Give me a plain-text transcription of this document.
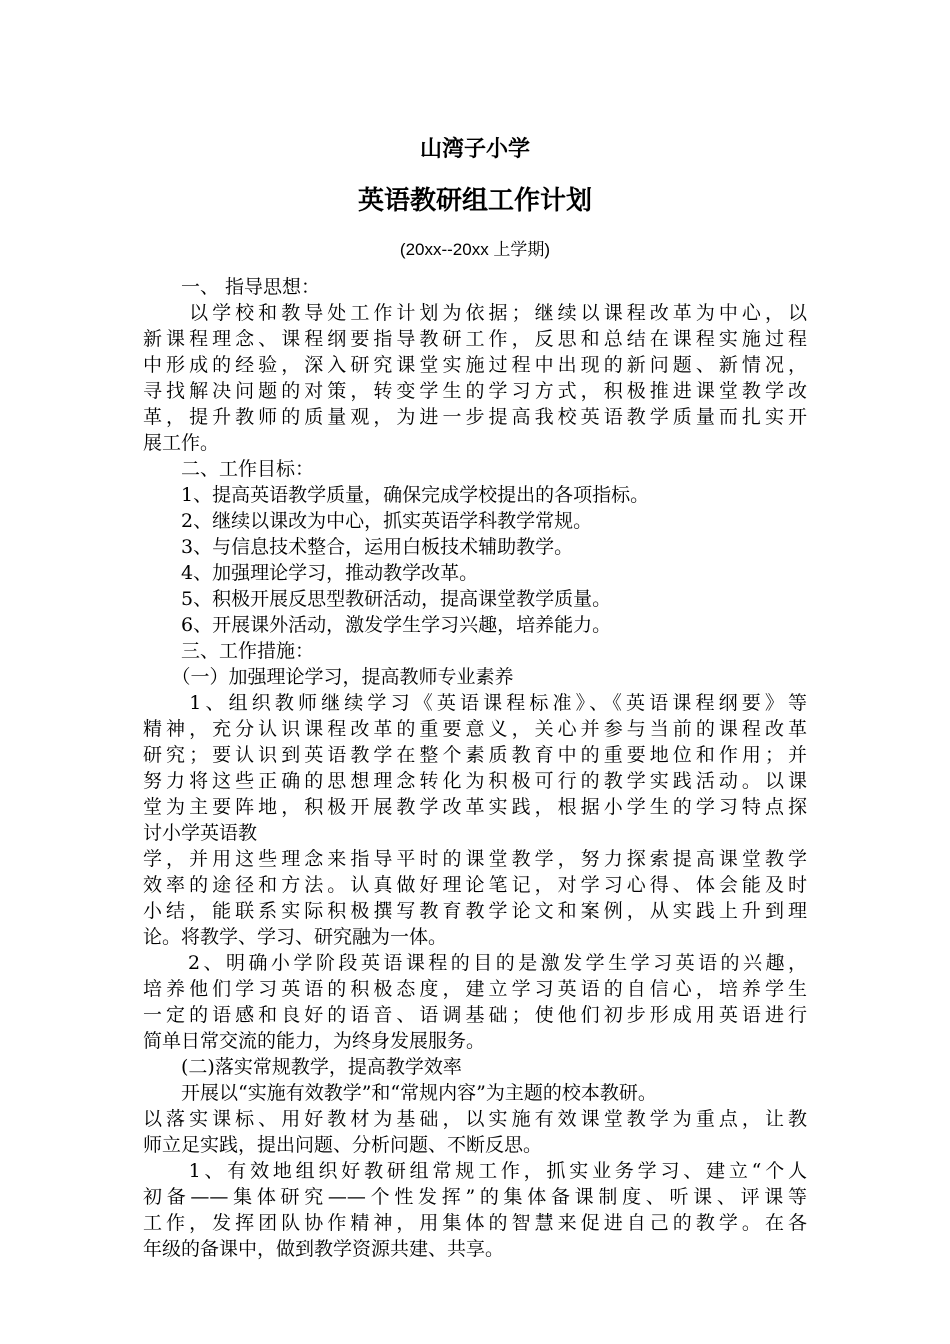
山湾子小学
英语教研组工作计划
(20xx--20xx 上学期)
　　一、 指导思想：
　　以学校和教导处工作计划为依据；继续以课程改革为中心，以
新课程理念、课程纲要指导教研工作，反思和总结在课程实施过程
中形成的经验，深入研究课堂实施过程中出现的新问题、新情况，
寻找解决问题的对策，转变学生的学习方式，积极推进课堂教学改
革，提升教师的质量观，为进一步提高我校英语教学质量而扎实开
展工作。
　　二、工作目标：
　　1、提高英语教学质量，确保完成学校提出的各项指标。
　　2、继续以课改为中心，抓实英语学科教学常规。
　　3、与信息技术整合，运用白板技术辅助教学。
　　4、加强理论学习，推动教学改革。
　　5、积极开展反思型教研活动，提高课堂教学质量。
　　6、开展课外活动，激发学生学习兴趣，培养能力。
　　三、工作措施：
　　（一）加强理论学习，提高教师专业素养
　　1、组织教师继续学习《英语课程标准》、《英语课程纲要》等
精神，充分认识课程改革的重要意义，关心并参与当前的课程改革
研究；要认识到英语教学在整个素质教育中的重要地位和作用；并
努力将这些正确的思想理念转化为积极可行的教学实践活动。以课
堂为主要阵地，积极开展教学改革实践，根据小学生的学习特点探
讨小学英语教
学，并用这些理念来指导平时的课堂教学，努力探索提高课堂教学
效率的途径和方法。认真做好理论笔记，对学习心得、体会能及时
小结，能联系实际积极撰写教育教学论文和案例，从实践上升到理
论。将教学、学习、研究融为一体。
　　2、明确小学阶段英语课程的目的是激发学生学习英语的兴趣，
培养他们学习英语的积极态度，建立学习英语的自信心，培养学生
一定的语感和良好的语音、语调基础；使他们初步形成用英语进行
简单日常交流的能力，为终身发展服务。
　　(二)落实常规教学，提高教学效率
　　开展以“实施有效教学”和“常规内容”为主题的校本教研。
以落实课标、用好教材为基础，以实施有效课堂教学为重点，让教
师立足实践，提出问题、分析问题、不断反思。
　　1、有效地组织好教研组常规工作，抓实业务学习、建立“个人
初备——集体研究——个性发挥”的集体备课制度、听课、评课等
工作，发挥团队协作精神，用集体的智慧来促进自己的教学。在各
年级的备课中，做到教学资源共建、共享。
